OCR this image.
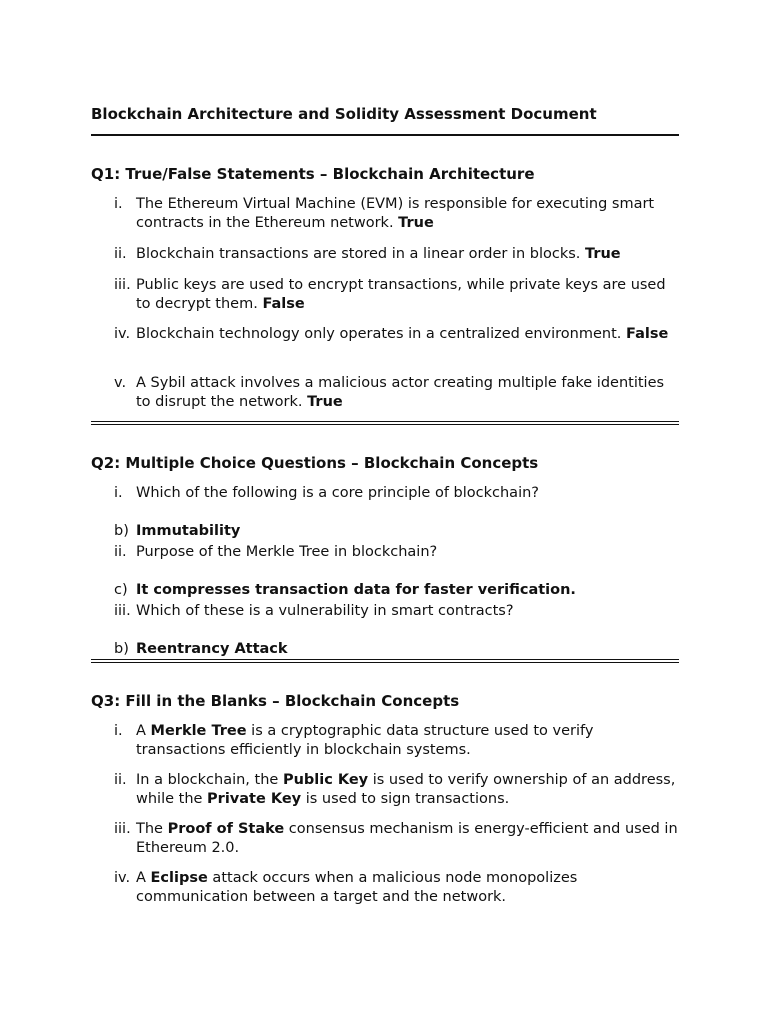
Blockchain Architecture and Solidity Assessment Document
Q1: True/False Statements – Blockchain Architecture
i. The Ethereum Virtual Machine (EVM) is responsible for executing smart contracts in the Ethereum network. True
ii. Blockchain transactions are stored in a linear order in blocks. True
iii. Public keys are used to encrypt transactions, while private keys are used to decrypt them. False
iv. Blockchain technology only operates in a centralized environment. False
v. A Sybil attack involves a malicious actor creating multiple fake identities to disrupt the network. True
Q2: Multiple Choice Questions – Blockchain Concepts
i. Which of the following is a core principle of blockchain?
b) Immutability
ii. Purpose of the Merkle Tree in blockchain?
c) It compresses transaction data for faster verification.
iii. Which of these is a vulnerability in smart contracts?
b) Reentrancy Attack
Q3: Fill in the Blanks – Blockchain Concepts
i. A Merkle Tree is a cryptographic data structure used to verify transactions efficiently in blockchain systems.
ii. In a blockchain, the Public Key is used to verify ownership of an address, while the Private Key is used to sign transactions.
iii. The Proof of Stake consensus mechanism is energy-efficient and used in Ethereum 2.0.
iv. A Eclipse attack occurs when a malicious node monopolizes communication between a target and the network.
